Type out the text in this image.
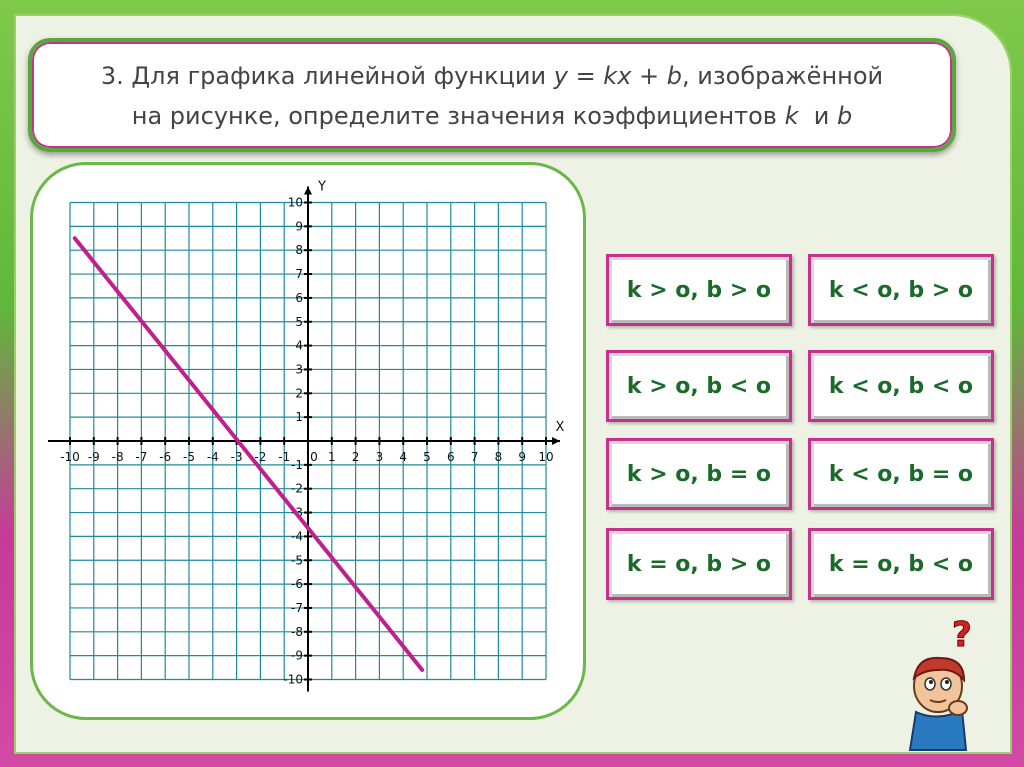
3. Для графика линейной функции y = kx + b, изображённой
на рисунке, определите значения коэффициентов k  и b
-10 -9 -8 -7 -6 -5 -4 -3 -2 -1 0 1 2 3 4 5 6 7 8 9 10
-10
-9
-8
-7
-6
-5
-4
-3
-2
-1
1
2
3
4
5
6
7
8
9
10
X
Y
k > o, b > o	k < o, b > o
k > o, b < o	k < o, b < o
k > o, b = o	k < o, b = o
k = o, b > o	k = o, b < o
?
